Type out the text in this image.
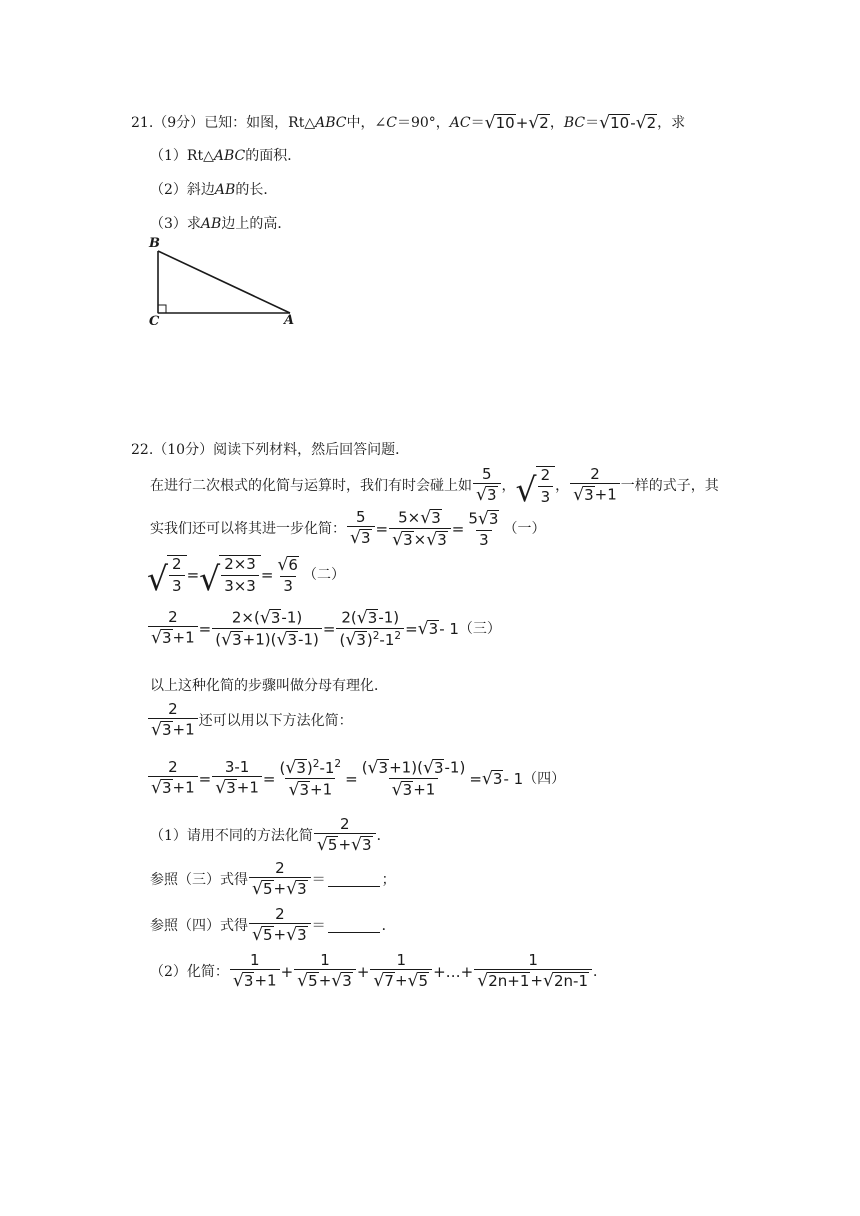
21. （9分） 已知：如图，Rt△ ABC 中，∠ C ＝90°， AC ＝ √ 10 + √ 2 ， BC ＝ √ 10 - √ 2 ，求
（1）Rt△ ABC 的面积．
（2）斜边 AB 的长．
（3）求 AB 边上的高．
B
C	A
22. （10分） 阅读下列材料，然后回答问题．
在进行二次根式的化简与运算时，我们有时会碰上如 $\frac{5}{√ 3}$ ， √ $\frac{2}{3}$ ， $\frac{2}{√ 3 +1}$ 一样的式子，其
实我们还可以将其进一步化简： $\frac{5}{√ 3} = \frac{5\times √ 3}{√ 3 \times √ 3} = \frac{5 √ 3}{3}$ （一）
√ $\frac{2}{3}$ = √ $\frac{2\times 3}{3\times 3} = \frac{√ 6}{3}$ （二）
$\frac{2}{√ 3 +1} = \frac{2\times( √ 3 -1)}{( √ 3 +1)( √ 3 -1)} = \frac{2( √ 3 -1)}{( √ 3 )^2-1^2}$ = √ 3 - 1 （三）
以上这种化简的步骤叫做分母有理化．
$\frac{2}{√ 3 +1}$ 还可以用以下方法化简：
$\frac{2}{√ 3 +1} = \frac{3-1}{√ 3 +1} = \frac{( √ 3 )^2-1^2}{√ 3 +1} = \frac{( √ 3 +1)( √ 3 -1)}{√ 3 +1}$ = √ 3 - 1 （四）
（1）请用不同的方法化简 $\frac{2}{√ 5 + √ 3}$ ．
参照（三）式得 $\frac{2}{√ 5 + √ 3}$ ＝	；
参照（四）式得 $\frac{2}{√ 5 + √ 3}$ ＝	．
（2）化简： $\frac{1}{√ 3 +1} + \frac{1}{√ 5 + √ 3} + \frac{1}{√ 7 + √ 5}$ +…+ $\frac{1}{√ 2n+1 + √ 2n-1}$ ．
